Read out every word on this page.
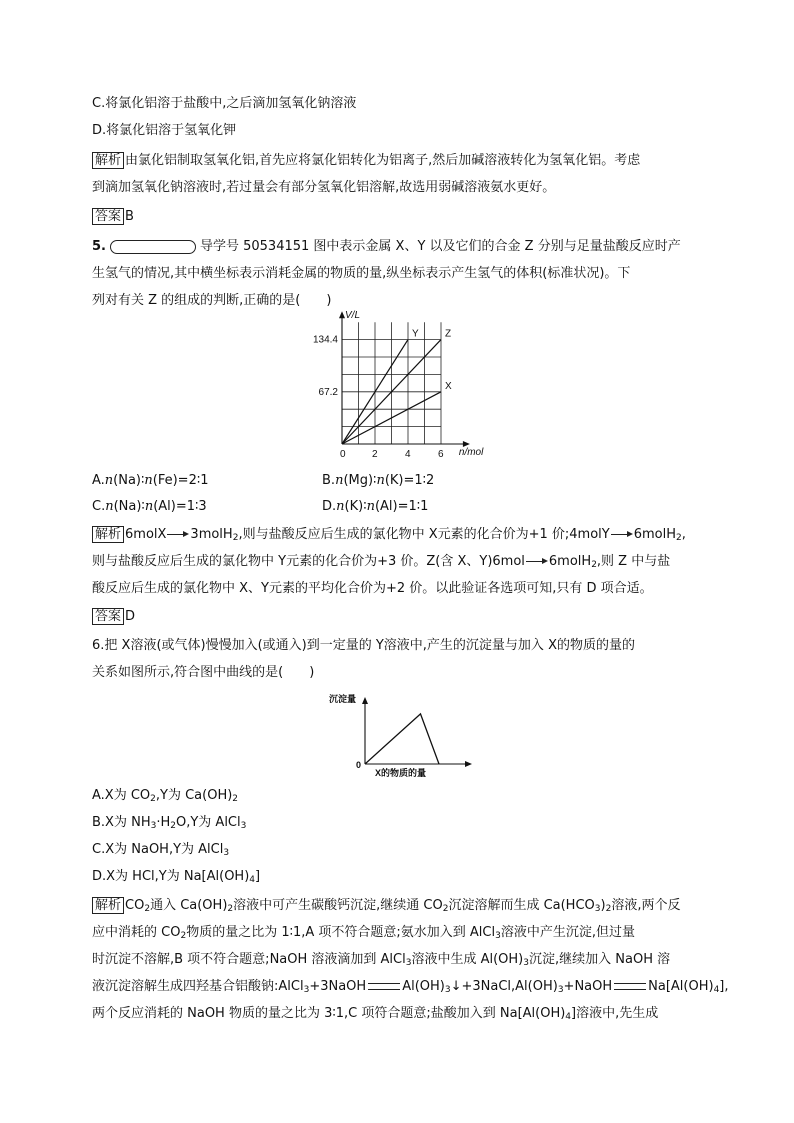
C.将氯化铝溶于盐酸中,之后滴加氢氧化钠溶液
D.将氯化铝溶于氢氧化钾
解析 由氯化铝制取氢氧化铝,首先应将氯化铝转化为铝离子,然后加碱溶液转化为氢氧化铝。考虑
到滴加氢氧化钠溶液时,若过量会有部分氢氧化铝溶解,故选用弱碱溶液氨水更好。
答案 B
5.	导学号 50534151 图中表示金属 X、Y 以及它们的合金 Z 分别与足量盐酸反应时产
生氢气的情况,其中横坐标表示消耗金属的物质的量,纵坐标表示产生氢气的体积(标准状况)。下
列对有关 Z 的组成的判断,正确的是(　　)
Y	Z
X
0	2	4	6
67.2
134.4
V/L
n/mol
A.n(Na)∶n(Fe)=2∶1	B.n(Mg)∶n(K)=1∶2
C.n(Na)∶n(Al)=1∶3	D.n(K)∶n(Al)=1∶1
解析 6molX 3molH$_2$,则与盐酸反应后生成的氯化物中 X元素的化合价为+1 价;4molY 6molH$_2$,
则与盐酸反应后生成的氯化物中 Y元素的化合价为+3 价。Z(含 X、Y)6mol 6molH$_2$,则 Z 中与盐
酸反应后生成的氯化物中 X、Y元素的平均化合价为+2 价。以此验证各选项可知,只有 D 项合适。
答案 D
6.把 X溶液(或气体)慢慢加入(或通入)到一定量的 Y溶液中,产生的沉淀量与加入 X的物质的量的
关系如图所示,符合图中曲线的是(　　)
沉淀量
X的物质的量
0
A.X为 $CO_2,Y$为 $Ca(OH)_2$
B.X为 $NH_3\cdot H_2O,Y$为 AlCl$_3$
C.X为 NaOH,Y为 AlCl$_3$
D.X为 HCl,Y为 $Na[Al(OH)_4]$
解析 $CO_2$通入 $Ca(OH)_2$溶液中可产生碳酸钙沉淀,继续通 $CO_2$沉淀溶解而生成 $Ca(HCO_3)_2$溶液,两个反
应中消耗的 $CO_2$物质的量之比为 1∶1,A 项不符合题意;氨水加入到 AlCl$_3$溶液中产生沉淀,但过量
时沉淀不溶解,B 项不符合题意;NaOH 溶液滴加到 AlCl$_3$溶液中生成 $Al(OH)_3$沉淀,继续加入 NaOH 溶
液沉淀溶解生成四羟基合铝酸钠:AlCl$_3$+3NaOH	$Al(OH)_3↓+3NaCl,Al(OH)_3+NaOH$	$Na[Al(OH)_4]$,
两个反应消耗的 NaOH 物质的量之比为 3∶1,C 项符合题意;盐酸加入到 $Na[Al(OH)_4]$溶液中,先生成
